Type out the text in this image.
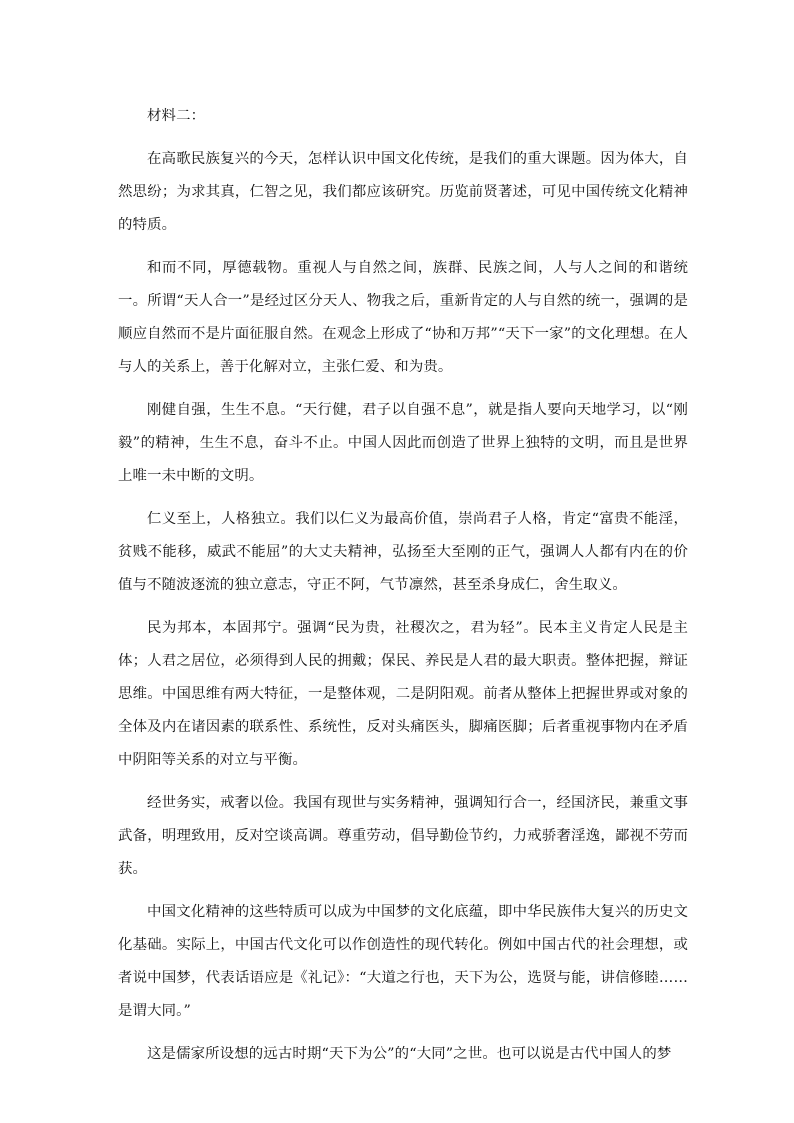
材料二：

在高歌民族复兴的今天，怎样认识中国文化传统，是我们的重大课题。因为体大，自然思纷；为求其真，仁智之见，我们都应该研究。历览前贤著述，可见中国传统文化精神的特质。

和而不同，厚德载物。重视人与自然之间，族群、民族之间，人与人之间的和谐统一。所谓“天人合一”是经过区分天人、物我之后，重新肯定的人与自然的统一，强调的是顺应自然而不是片面征服自然。在观念上形成了“协和万邦”“天下一家”的文化理想。在人与人的关系上，善于化解对立，主张仁爱、和为贵。

刚健自强，生生不息。“天行健，君子以自强不息”，就是指人要向天地学习，以“刚毅”的精神，生生不息，奋斗不止。中国人因此而创造了世界上独特的文明，而且是世界上唯一未中断的文明。

仁义至上，人格独立。我们以仁义为最高价值，崇尚君子人格，肯定“富贵不能淫，贫贱不能移，威武不能屈”的大丈夫精神，弘扬至大至刚的正气，强调人人都有内在的价值与不随波逐流的独立意志，守正不阿，气节凛然，甚至杀身成仁，舍生取义。

民为邦本，本固邦宁。强调“民为贵，社稷次之，君为轻”。民本主义肯定人民是主体；人君之居位，必须得到人民的拥戴；保民、养民是人君的最大职责。整体把握，辩证思维。中国思维有两大特征，一是整体观，二是阴阳观。前者从整体上把握世界或对象的全体及内在诸因素的联系性、系统性，反对头痛医头，脚痛医脚；后者重视事物内在矛盾中阴阳等关系的对立与平衡。

经世务实，戒奢以俭。我国有现世与实务精神，强调知行合一，经国济民，兼重文事武备，明理致用，反对空谈高调。尊重劳动，倡导勤俭节约，力戒骄奢淫逸，鄙视不劳而获。

中国文化精神的这些特质可以成为中国梦的文化底蕴，即中华民族伟大复兴的历史文化基础。实际上，中国古代文化可以作创造性的现代转化。例如中国古代的社会理想，或者说中国梦，代表话语应是《礼记》：“大道之行也，天下为公，选贤与能，讲信修睦……是谓大同。”

这是儒家所设想的远古时期“天下为公”的“大同”之世。也可以说是古代中国人的梦
